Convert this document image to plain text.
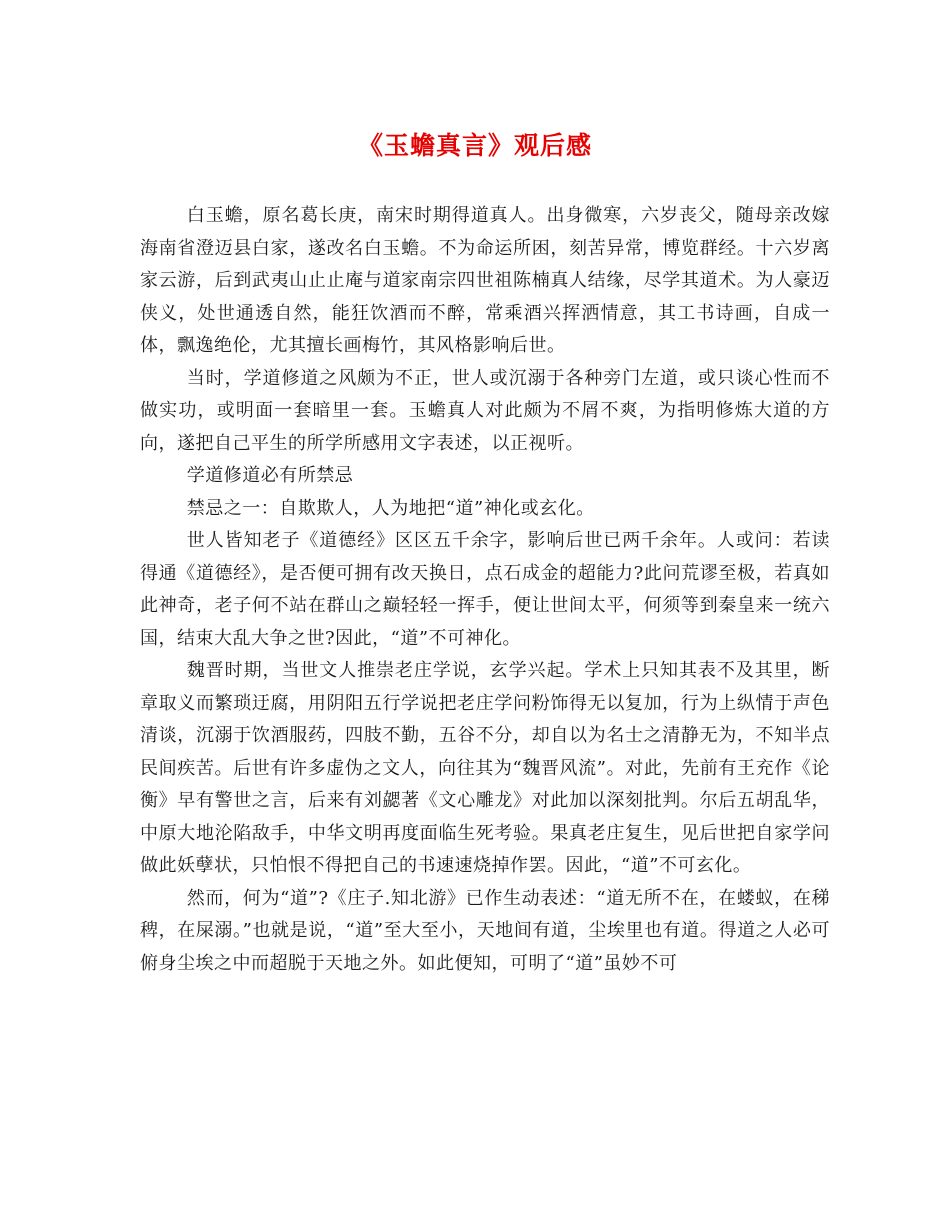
《玉蟾真言》观后感

白玉蟾，原名葛长庚，南宋时期得道真人。出身微寒，六岁丧父，随母亲改嫁海南省澄迈县白家，遂改名白玉蟾。不为命运所困，刻苦异常，博览群经。十六岁离家云游，后到武夷山止止庵与道家南宗四世祖陈楠真人结缘，尽学其道术。为人豪迈侠义，处世通透自然，能狂饮酒而不醉，常乘酒兴挥洒情意，其工书诗画，自成一体，飘逸绝伦，尤其擅长画梅竹，其风格影响后世。

当时，学道修道之风颇为不正，世人或沉溺于各种旁门左道，或只谈心性而不做实功，或明面一套暗里一套。玉蟾真人对此颇为不屑不爽，为指明修炼大道的方向，遂把自己平生的所学所感用文字表述，以正视听。

学道修道必有所禁忌

禁忌之一：自欺欺人，人为地把“道”神化或玄化。

世人皆知老子《道德经》区区五千余字，影响后世已两千余年。人或问：若读得通《道德经》，是否便可拥有改天换日，点石成金的超能力?此问荒谬至极，若真如此神奇，老子何不站在群山之巅轻轻一挥手，便让世间太平，何须等到秦皇来一统六国，结束大乱大争之世?因此，“道”不可神化。

魏晋时期，当世文人推崇老庄学说，玄学兴起。学术上只知其表不及其里，断章取义而繁琐迂腐，用阴阳五行学说把老庄学问粉饰得无以复加，行为上纵情于声色清谈，沉溺于饮酒服药，四肢不勤，五谷不分，却自以为名士之清静无为，不知半点民间疾苦。后世有许多虚伪之文人，向往其为“魏晋风流”。对此，先前有王充作《论衡》早有警世之言，后来有刘勰著《文心雕龙》对此加以深刻批判。尔后五胡乱华，中原大地沦陷敌手，中华文明再度面临生死考验。果真老庄复生，见后世把自家学问做此妖孽状，只怕恨不得把自己的书速速烧掉作罢。因此，“道”不可玄化。

然而，何为“道”?《庄子.知北游》已作生动表述：“道无所不在，在蝼蚁，在稊稗，在屎溺。”也就是说，“道”至大至小，天地间有道，尘埃里也有道。得道之人必可俯身尘埃之中而超脱于天地之外。如此便知，可明了“道”虽妙不可
